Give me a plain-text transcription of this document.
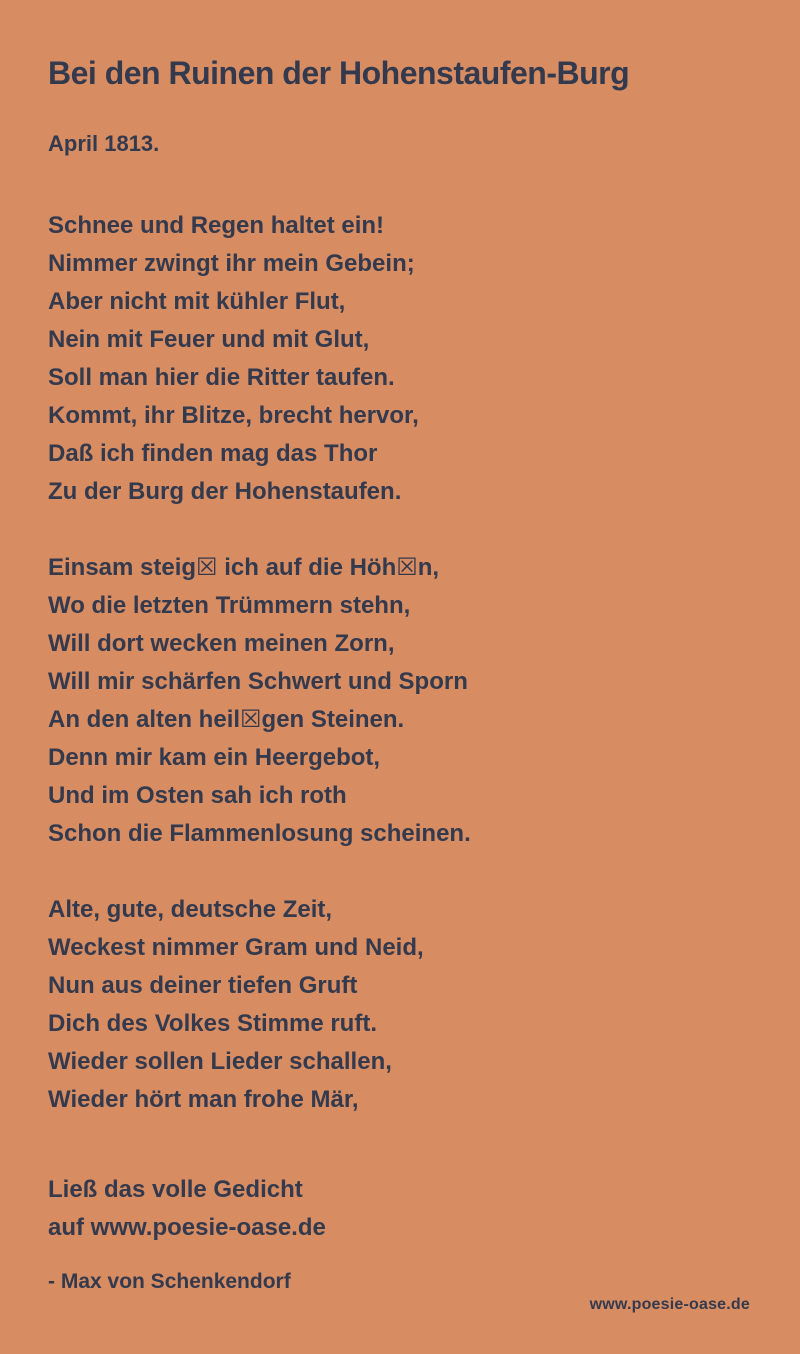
Bei den Ruinen der Hohenstaufen-Burg
April 1813.
Schnee und Regen haltet ein!
Nimmer zwingt ihr mein Gebein;
Aber nicht mit kühler Flut,
Nein mit Feuer und mit Glut,
Soll man hier die Ritter taufen.
Kommt, ihr Blitze, brecht hervor,
Daß ich finden mag das Thor
Zu der Burg der Hohenstaufen.
Einsam steig☒ ich auf die Höh☒n,
Wo die letzten Trümmern stehn,
Will dort wecken meinen Zorn,
Will mir schärfen Schwert und Sporn
An den alten heil☒gen Steinen.
Denn mir kam ein Heergebot,
Und im Osten sah ich roth
Schon die Flammenlosung scheinen.
Alte, gute, deutsche Zeit,
Weckest nimmer Gram und Neid,
Nun aus deiner tiefen Gruft
Dich des Volkes Stimme ruft.
Wieder sollen Lieder schallen,
Wieder hört man frohe Mär,
Ließ das volle Gedicht
auf www.poesie-oase.de
- Max von Schenkendorf
www.poesie-oase.de
